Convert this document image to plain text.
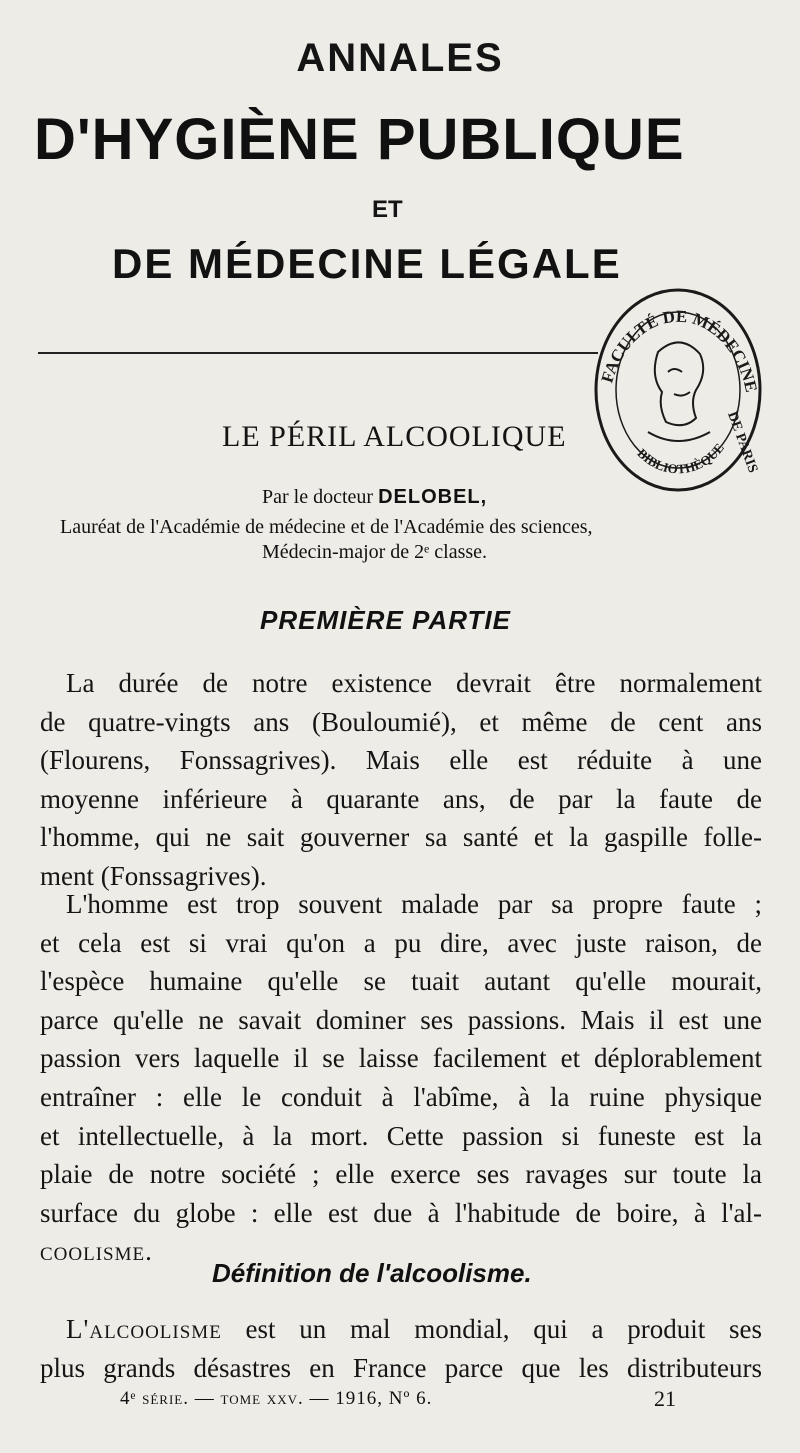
ANNALES
D'HYGIÈNE PUBLIQUE
ET
DE MÉDECINE LÉGALE
FACULTÉ DE MÉDECINE
DE PARIS
BIBLIOTHÈQUE
LE PÉRIL ALCOOLIQUE
Par le docteur DELOBEL,
Lauréat de l'Académie de médecine et de l'Académie des sciences,
Médecin-major de 2ᵉ classe.
PREMIÈRE PARTIE
La durée de notre existence devrait être normalement
de quatre-vingts ans (Bouloumié), et même de cent ans
(Flourens, Fonssagrives). Mais elle est réduite à une
moyenne inférieure à quarante ans, de par la faute de
l'homme, qui ne sait gouverner sa santé et la gaspille folle-
ment (Fonssagrives).
L'homme est trop souvent malade par sa propre faute ;
et cela est si vrai qu'on a pu dire, avec juste raison, de
l'espèce humaine qu'elle se tuait autant qu'elle mourait,
parce qu'elle ne savait dominer ses passions. Mais il est une
passion vers laquelle il se laisse facilement et déplorablement
entraîner : elle le conduit à l'abîme, à la ruine physique
et intellectuelle, à la mort. Cette passion si funeste est la
plaie de notre société ; elle exerce ses ravages sur toute la
surface du globe : elle est due à l'habitude de boire, à l'al-
coolisme.
Définition de l'alcoolisme.
L'alcoolisme est un mal mondial, qui a produit ses
plus grands désastres en France parce que les distributeurs
4ᵉ série. — tome xxv. — 1916, Nº 6.	21
